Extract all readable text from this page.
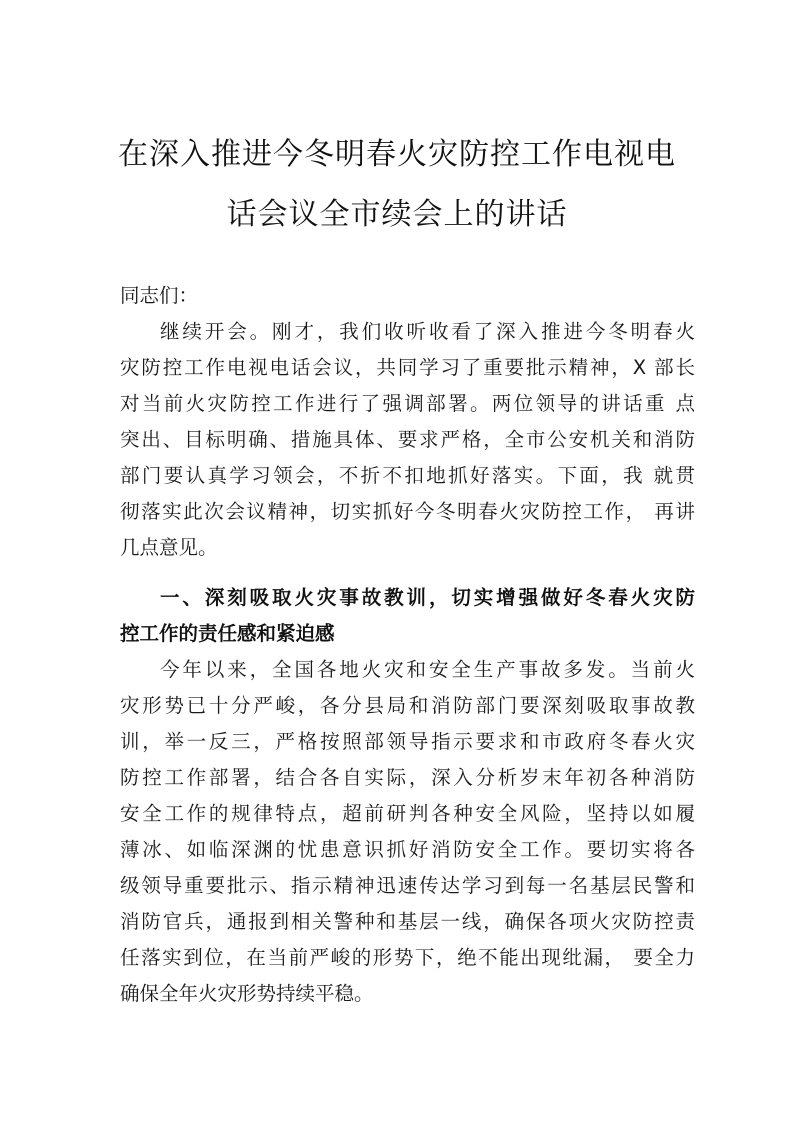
在深入推进今冬明春火灾防控工作电视电
话会议全市续会上的讲话
同志们：
继续开会。刚才，我们收听收看了深入推进今冬明春火
灾防控工作电视电话会议，共同学习了重要批示精神，X 部长
对当前火灾防控工作进行了强调部署。两位领导的讲话重 点
突出、目标明确、措施具体、要求严格，全市公安机关和消防
部门要认真学习领会，不折不扣地抓好落实。下面，我 就贯
彻落实此次会议精神，切实抓好今冬明春火灾防控工作， 再讲
几点意见。
一、深刻吸取火灾事故教训，切实增强做好冬春火灾防
控工作的责任感和紧迫感
今年以来，全国各地火灾和安全生产事故多发。当前火
灾形势已十分严峻，各分县局和消防部门要深刻吸取事故教
训，举一反三，严格按照部领导指示要求和市政府冬春火灾
防控工作部署，结合各自实际，深入分析岁末年初各种消防
安全工作的规律特点，超前研判各种安全风险，坚持以如履
薄冰、如临深渊的忧患意识抓好消防安全工作。要切实将各
级领导重要批示、指示精神迅速传达学习到每一名基层民警和
消防官兵，通报到相关警种和基层一线，确保各项火灾防控责
任落实到位，在当前严峻的形势下，绝不能出现纰漏， 要全力
确保全年火灾形势持续平稳。
